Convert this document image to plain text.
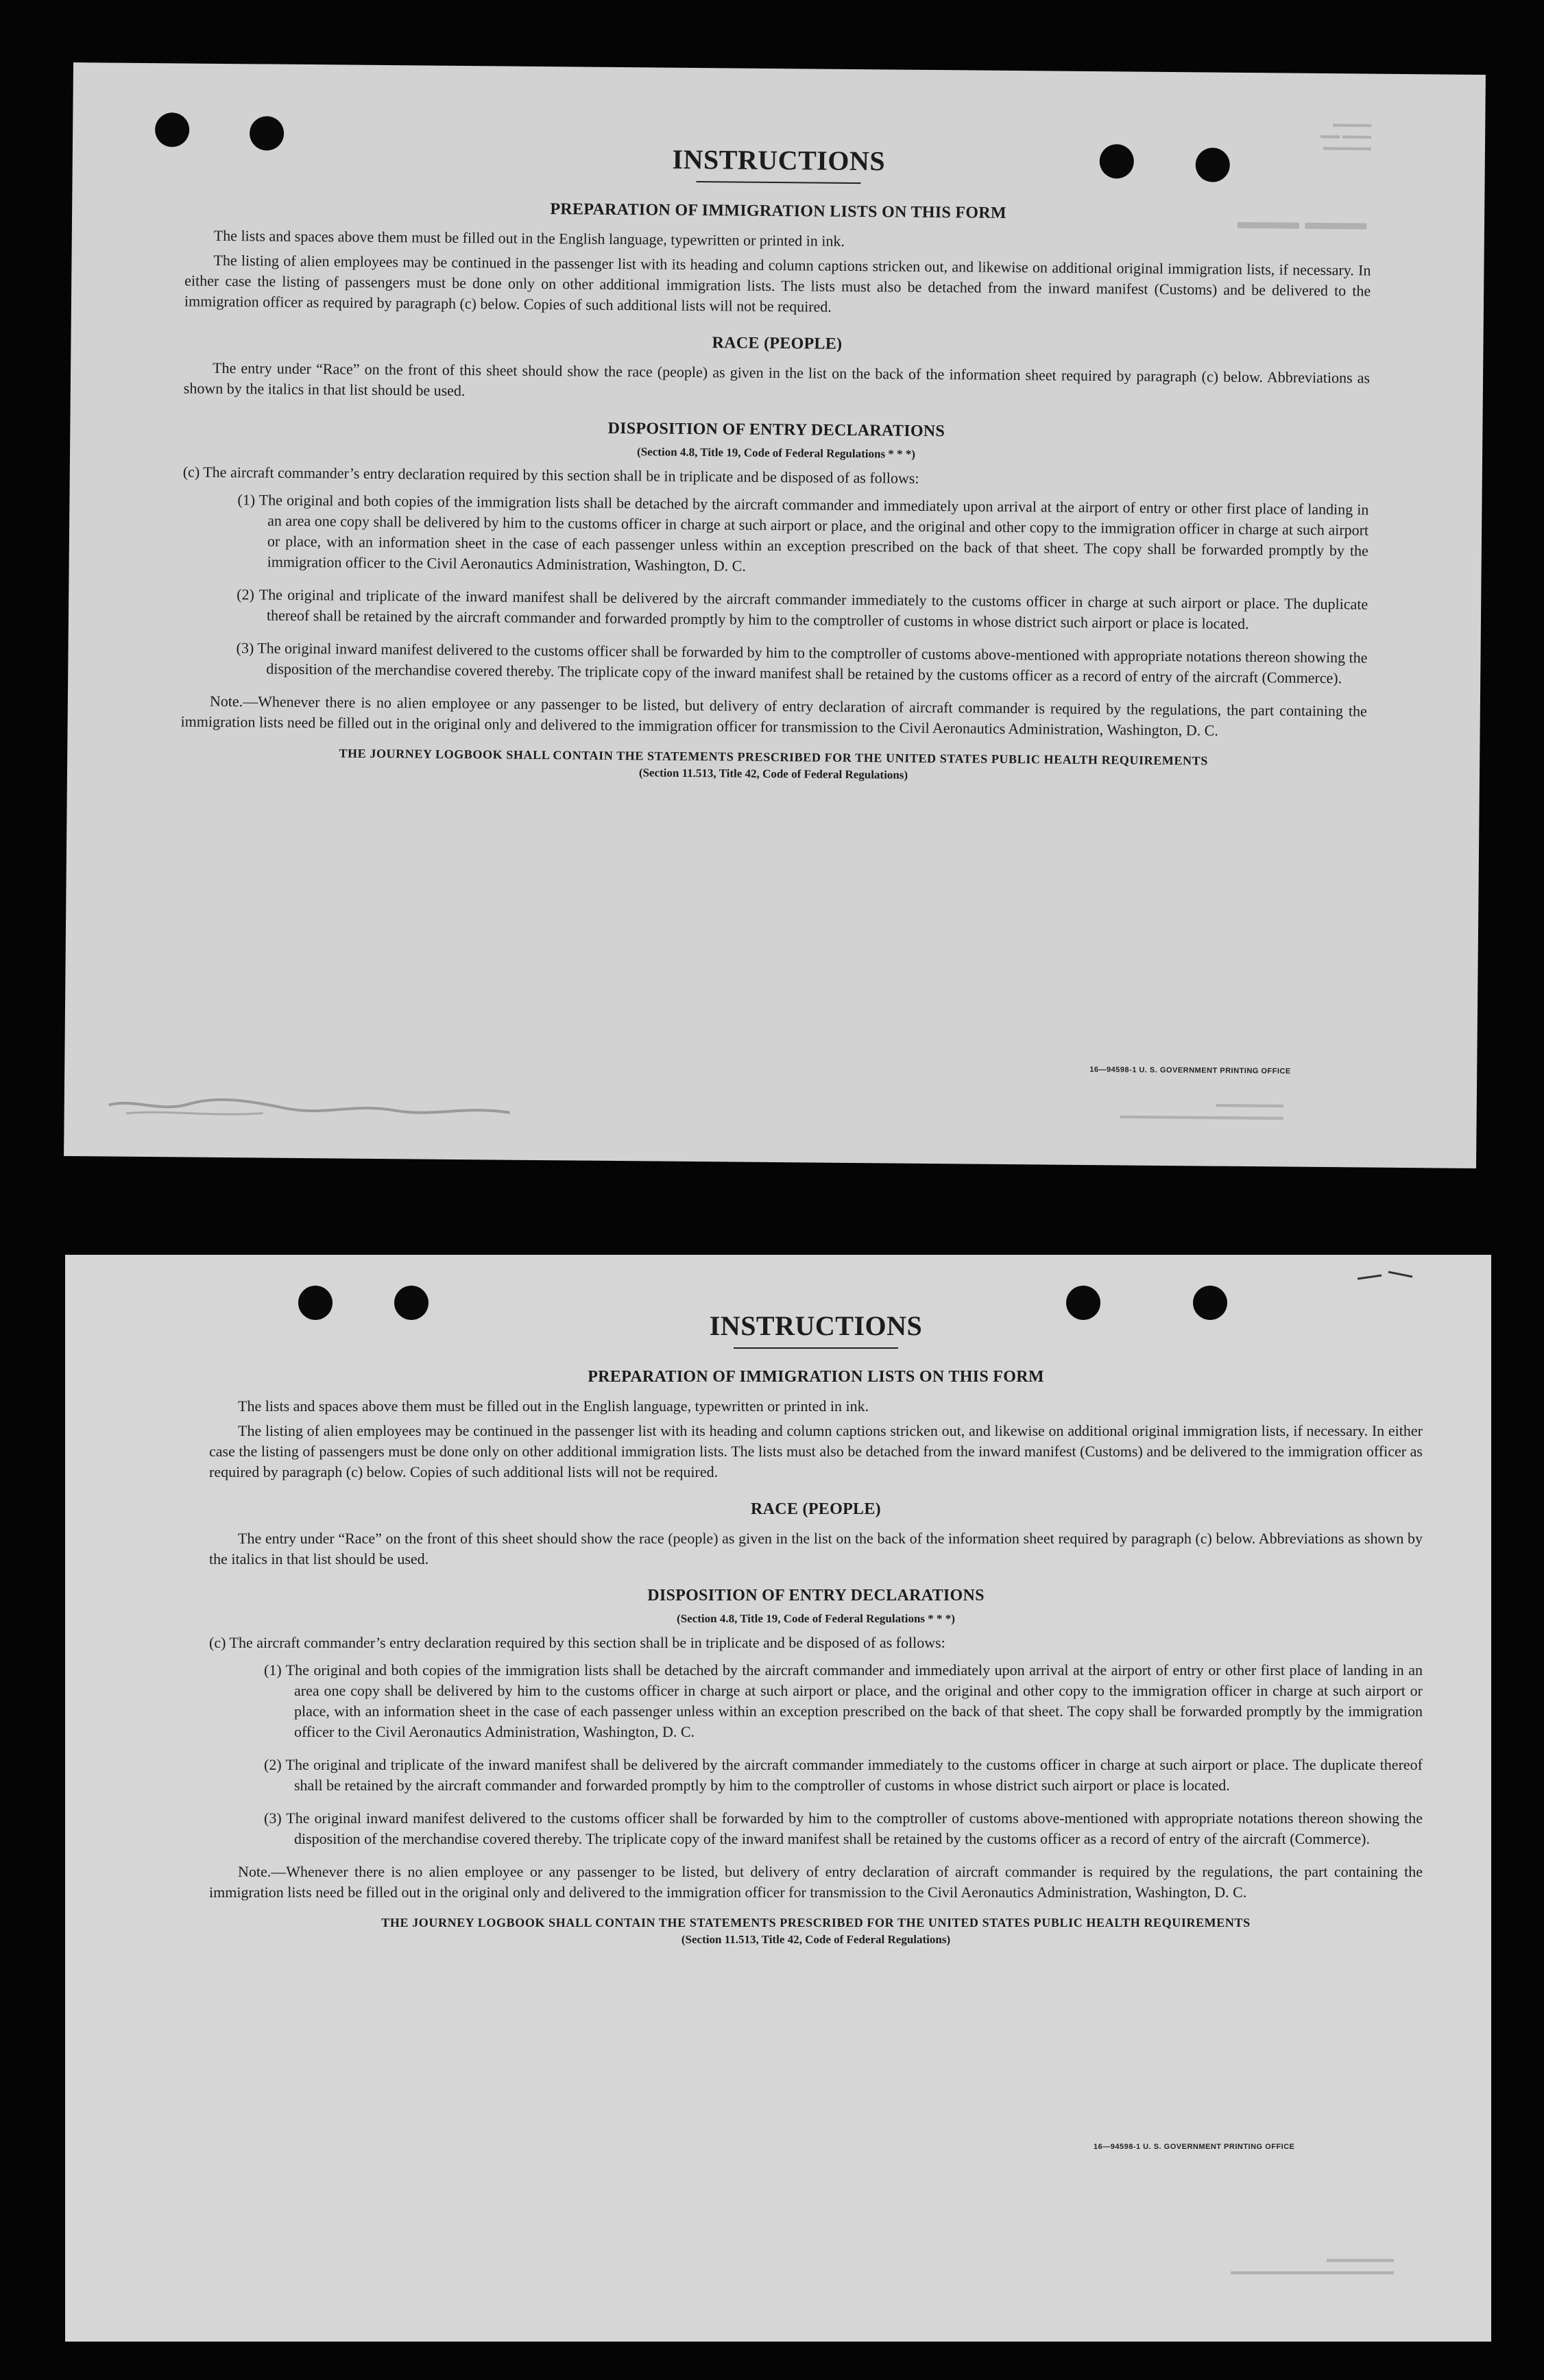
▬▬▬ ▬▬▬
▬▬▬▬▬
▬▬▬ ▬▬
▬▬▬▬
INSTRUCTIONS
PREPARATION OF IMMIGRATION LISTS ON THIS FORM

The lists and spaces above them must be filled out in the English language, typewritten or printed in ink.

The listing of alien employees may be continued in the passenger list with its heading and column captions stricken out, and likewise on additional original immigration lists, if necessary. In either case the listing of passengers must be done only on other additional immigration lists. The lists must also be detached from the inward manifest (Customs) and be delivered to the immigration officer as required by paragraph (c) below. Copies of such additional lists will not be required.

RACE (PEOPLE)

The entry under “Race” on the front of this sheet should show the race (people) as given in the list on the back of the information sheet required by paragraph (c) below. Abbreviations as shown by the italics in that list should be used.

DISPOSITION OF ENTRY DECLARATIONS
(Section 4.8, Title 19, Code of Federal Regulations * * *)

(c) The aircraft commander’s entry declaration required by this section shall be in triplicate and be disposed of as follows:

(1) The original and both copies of the immigration lists shall be detached by the aircraft commander and immediately upon arrival at the airport of entry or other first place of landing in an area one copy shall be delivered by him to the customs officer in charge at such airport or place, and the original and other copy to the immigration officer in charge at such airport or place, with an information sheet in the case of each passenger unless within an exception prescribed on the back of that sheet. The copy shall be forwarded promptly by the immigration officer to the Civil Aeronautics Administration, Washington, D. C.

(2) The original and triplicate of the inward manifest shall be delivered by the aircraft commander immediately to the customs officer in charge at such airport or place. The duplicate thereof shall be retained by the aircraft commander and forwarded promptly by him to the comptroller of customs in whose district such airport or place is located.

(3) The original inward manifest delivered to the customs officer shall be forwarded by him to the comptroller of customs above-mentioned with appropriate notations thereon showing the disposition of the merchandise covered thereby. The triplicate copy of the inward manifest shall be retained by the customs officer as a record of entry of the aircraft (Commerce).

Note.—Whenever there is no alien employee or any passenger to be listed, but delivery of entry declaration of aircraft commander is required by the regulations, the part containing the immigration lists need be filled out in the original only and delivered to the immigration officer for transmission to the Civil Aeronautics Administration, Washington, D. C.

THE JOURNEY LOGBOOK SHALL CONTAIN THE STATEMENTS PRESCRIBED FOR THE UNITED STATES PUBLIC HEALTH REQUIREMENTS
(Section 11.513, Title 42, Code of Federal Regulations)
16—94598-1 U. S. GOVERNMENT PRINTING OFFICE
▬▬▬▬▬▬▬▬▬▬▬▬▬▬▬▬▬
▬▬▬▬▬▬▬
INSTRUCTIONS
PREPARATION OF IMMIGRATION LISTS ON THIS FORM

The lists and spaces above them must be filled out in the English language, typewritten or printed in ink.

The listing of alien employees may be continued in the passenger list with its heading and column captions stricken out, and likewise on additional original immigration lists, if necessary. In either case the listing of passengers must be done only on other additional immigration lists. The lists must also be detached from the inward manifest (Customs) and be delivered to the immigration officer as required by paragraph (c) below. Copies of such additional lists will not be required.

RACE (PEOPLE)

The entry under “Race” on the front of this sheet should show the race (people) as given in the list on the back of the information sheet required by paragraph (c) below. Abbreviations as shown by the italics in that list should be used.

DISPOSITION OF ENTRY DECLARATIONS
(Section 4.8, Title 19, Code of Federal Regulations * * *)

(c) The aircraft commander’s entry declaration required by this section shall be in triplicate and be disposed of as follows:

(1) The original and both copies of the immigration lists shall be detached by the aircraft commander and immediately upon arrival at the airport of entry or other first place of landing in an area one copy shall be delivered by him to the customs officer in charge at such airport or place, and the original and other copy to the immigration officer in charge at such airport or place, with an information sheet in the case of each passenger unless within an exception prescribed on the back of that sheet. The copy shall be forwarded promptly by the immigration officer to the Civil Aeronautics Administration, Washington, D. C.

(2) The original and triplicate of the inward manifest shall be delivered by the aircraft commander immediately to the customs officer in charge at such airport or place. The duplicate thereof shall be retained by the aircraft commander and forwarded promptly by him to the comptroller of customs in whose district such airport or place is located.

(3) The original inward manifest delivered to the customs officer shall be forwarded by him to the comptroller of customs above-mentioned with appropriate notations thereon showing the disposition of the merchandise covered thereby. The triplicate copy of the inward manifest shall be retained by the customs officer as a record of entry of the aircraft (Commerce).

Note.—Whenever there is no alien employee or any passenger to be listed, but delivery of entry declaration of aircraft commander is required by the regulations, the part containing the immigration lists need be filled out in the original only and delivered to the immigration officer for transmission to the Civil Aeronautics Administration, Washington, D. C.

THE JOURNEY LOGBOOK SHALL CONTAIN THE STATEMENTS PRESCRIBED FOR THE UNITED STATES PUBLIC HEALTH REQUIREMENTS
(Section 11.513, Title 42, Code of Federal Regulations)
16—94598-1 U. S. GOVERNMENT PRINTING OFFICE
▬▬▬▬▬▬▬▬▬▬▬▬▬▬▬▬▬
▬▬▬▬▬▬▬
